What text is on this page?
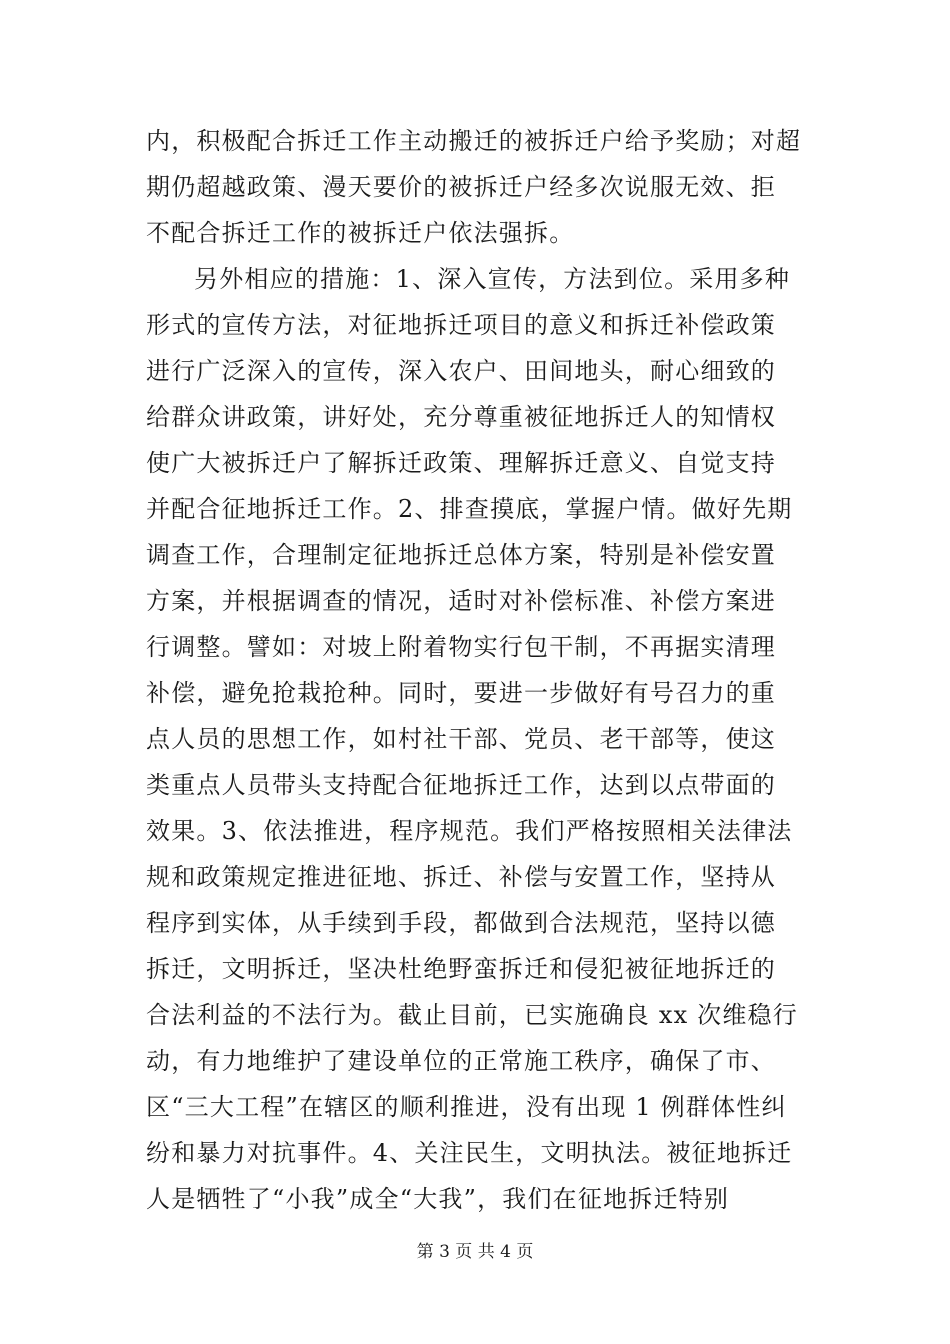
内，积极配合拆迁工作主动搬迁的被拆迁户给予奖励；对超
期仍超越政策、漫天要价的被拆迁户经多次说服无效、拒
不配合拆迁工作的被拆迁户依法强拆。
另外相应的措施：1、深入宣传，方法到位。采用多种
形式的宣传方法，对征地拆迁项目的意义和拆迁补偿政策
进行广泛深入的宣传，深入农户、田间地头，耐心细致的
给群众讲政策，讲好处，充分尊重被征地拆迁人的知情权
使广大被拆迁户了解拆迁政策、理解拆迁意义、自觉支持
并配合征地拆迁工作。2、排查摸底，掌握户情。做好先期
调查工作，合理制定征地拆迁总体方案，特别是补偿安置
方案，并根据调查的情况，适时对补偿标准、补偿方案进
行调整。譬如：对坡上附着物实行包干制，不再据实清理
补偿，避免抢栽抢种。同时，要进一步做好有号召力的重
点人员的思想工作，如村社干部、党员、老干部等，使这
类重点人员带头支持配合征地拆迁工作，达到以点带面的
效果。3、依法推进，程序规范。我们严格按照相关法律法
规和政策规定推进征地、拆迁、补偿与安置工作，坚持从
程序到实体，从手续到手段，都做到合法规范，坚持以德
拆迁，文明拆迁，坚决杜绝野蛮拆迁和侵犯被征地拆迁的
合法利益的不法行为。截止目前，已实施确良 xx 次维稳行
动，有力地维护了建设单位的正常施工秩序，确保了市、
区“三大工程”在辖区的顺利推进，没有出现 1 例群体性纠
纷和暴力对抗事件。4、关注民生，文明执法。被征地拆迁
人是牺牲了“小我”成全“大我”，我们在征地拆迁特别
第 3 页 共 4 页
